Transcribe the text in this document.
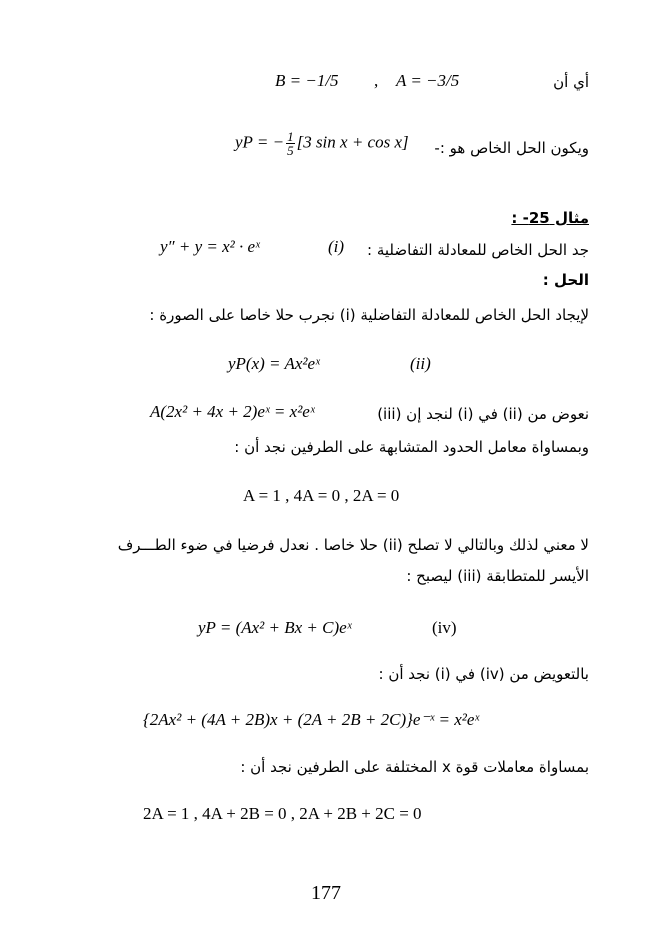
أي أن
B = −1/5 , A = −3/5
ويكون الحل الخاص هو :-
yP = − $\frac{1}{5} [3$ sin x + cos x]
مثال 25- :
جد الحل الخاص للمعادلة التفاضلية :
(i)
y″ + y = x² · eˣ
الحل :
لإيجاد الحل الخاص للمعادلة التفاضلية (i) نجرب حلا خاصا على الصورة :
yP(x) = Ax²eˣ	(ii)
نعوض من (ii) في (i) لنجد إن (iii)
A(2x² + 4x + 2)eˣ = x²eˣ
وبمساواة معامل الحدود المتشابهة على الطرفين نجد أن :
A = 1 , 4A = 0 , 2A = 0
لا معني لذلك وبالتالي لا تصلح (ii) حلا خاصا . نعدل فرضيا في ضوء الطـــرف
الأيسر للمتطابقة (iii) ليصبح :
yP = (Ax² + Bx + C)eˣ	(iv)
بالتعويض من (iv) في (i) نجد أن :
{2Ax² + (4A + 2B)x + (2A + 2B + 2C)}e⁻ˣ = x²eˣ
بمساواة معاملات قوة x المختلفة على الطرفين نجد أن :
2A = 1 , 4A + 2B = 0 , 2A + 2B + 2C = 0
177
